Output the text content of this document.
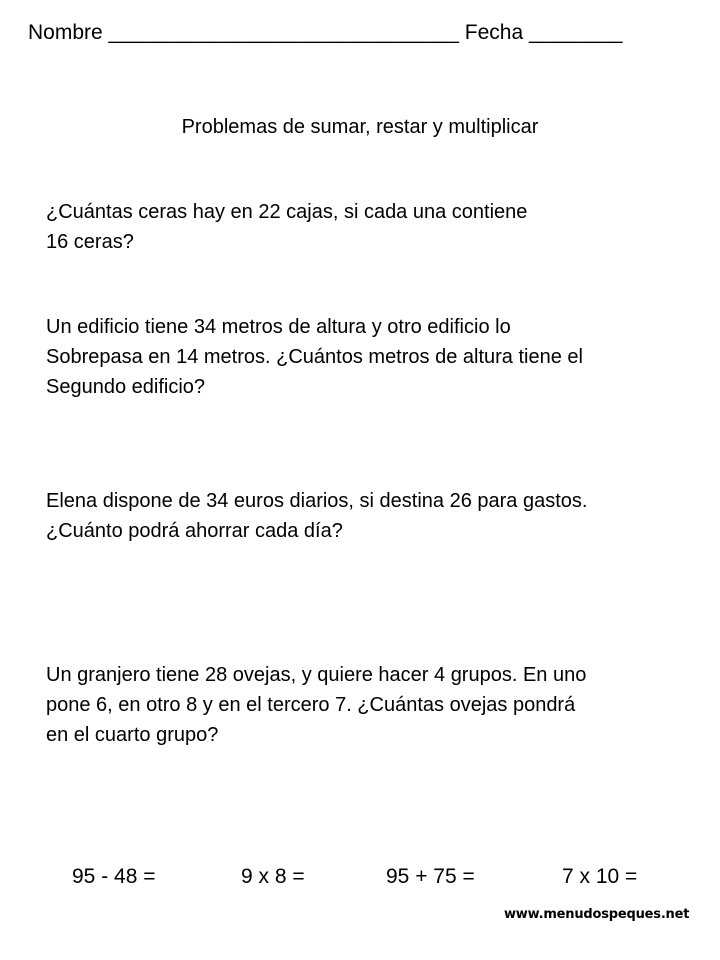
Nombre ______________________________ Fecha ________
Problemas de sumar, restar y multiplicar
¿Cuántas ceras hay en 22 cajas, si cada una contiene
16 ceras?
Un edificio tiene 34 metros de altura y otro edificio lo
Sobrepasa en 14 metros. ¿Cuántos metros de altura tiene el
Segundo edificio?
Elena dispone de 34 euros diarios, si destina 26 para gastos.
¿Cuánto podrá ahorrar cada día?
Un granjero tiene 28 ovejas, y quiere hacer 4 grupos. En uno
pone 6, en otro 8 y en el tercero 7. ¿Cuántas ovejas pondrá
en el cuarto grupo?
95 - 48 =	9 x 8 =	95 + 75 =	7 x 10 =
www.menudospeques.net
